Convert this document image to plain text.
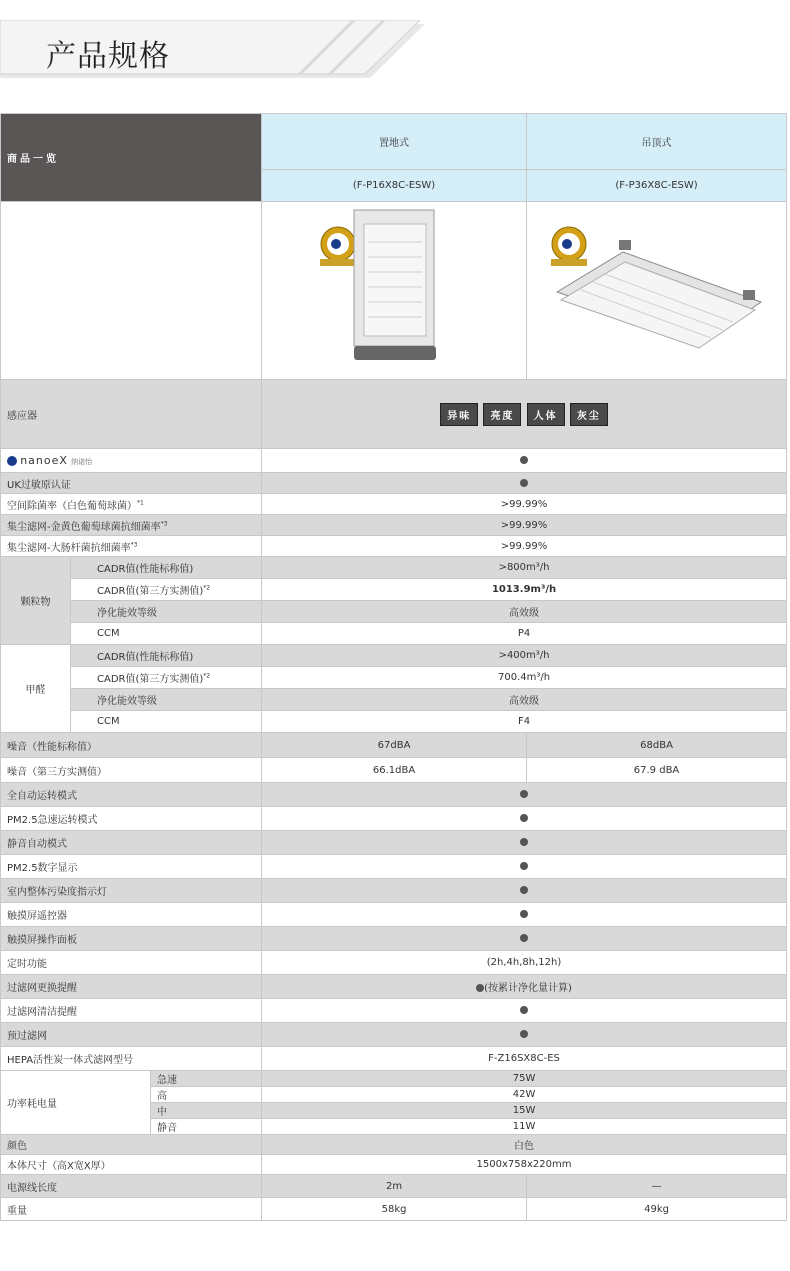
产品规格
商品一览			置地式	吊顶式
			(F-P16X8C-ESW)	(F-P36X8C-ESW)

感应器			异味 亮度 人体 灰尘	
nanoeX 纳诺怡				
UK过敏原认证				
空间除菌率（白色葡萄球菌）$^{*1}$			>99.99%	
集尘滤网-金黄色葡萄球菌抗细菌率$^{*3}$			>99.99%	
集尘滤网-大肠杆菌抗细菌率$^{*3}$			>99.99%	
颗粒物	CADR值(性能标称值)		>800m³/h	
	CADR值(第三方实测值)$^{*2}$		1013.9m³/h	
	净化能效等级		高效级	
	CCM		P4	
甲醛	CADR值(性能标称值)		>400m³/h	
	CADR值(第三方实测值)$^{*2}$		700.4m³/h	
	净化能效等级		高效级	
	CCM		F4	
噪音（性能标称值）			67dBA	68dBA
噪音（第三方实测值）			66.1dBA	67.9 dBA
全自动运转模式				
PM2.5急速运转模式				
静音自动模式				
PM2.5数字显示				
室内整体污染度指示灯				
触摸屏遥控器				
触摸屏操作面板				
定时功能			(2h,4h,8h,12h)	
过滤网更换提醒			(按累计净化量计算)	
过滤网清洁提醒				
预过滤网				
HEPA活性炭一体式滤网型号			F-Z16SX8C-ES	
功率耗电量		急速	75W	
		高	42W	
		中	15W	
		静音	11W	
颜色			白色	
本体尺寸（高X宽X厚）			1500x758x220mm	
电源线长度			2m	—
重量			58kg	49kg
